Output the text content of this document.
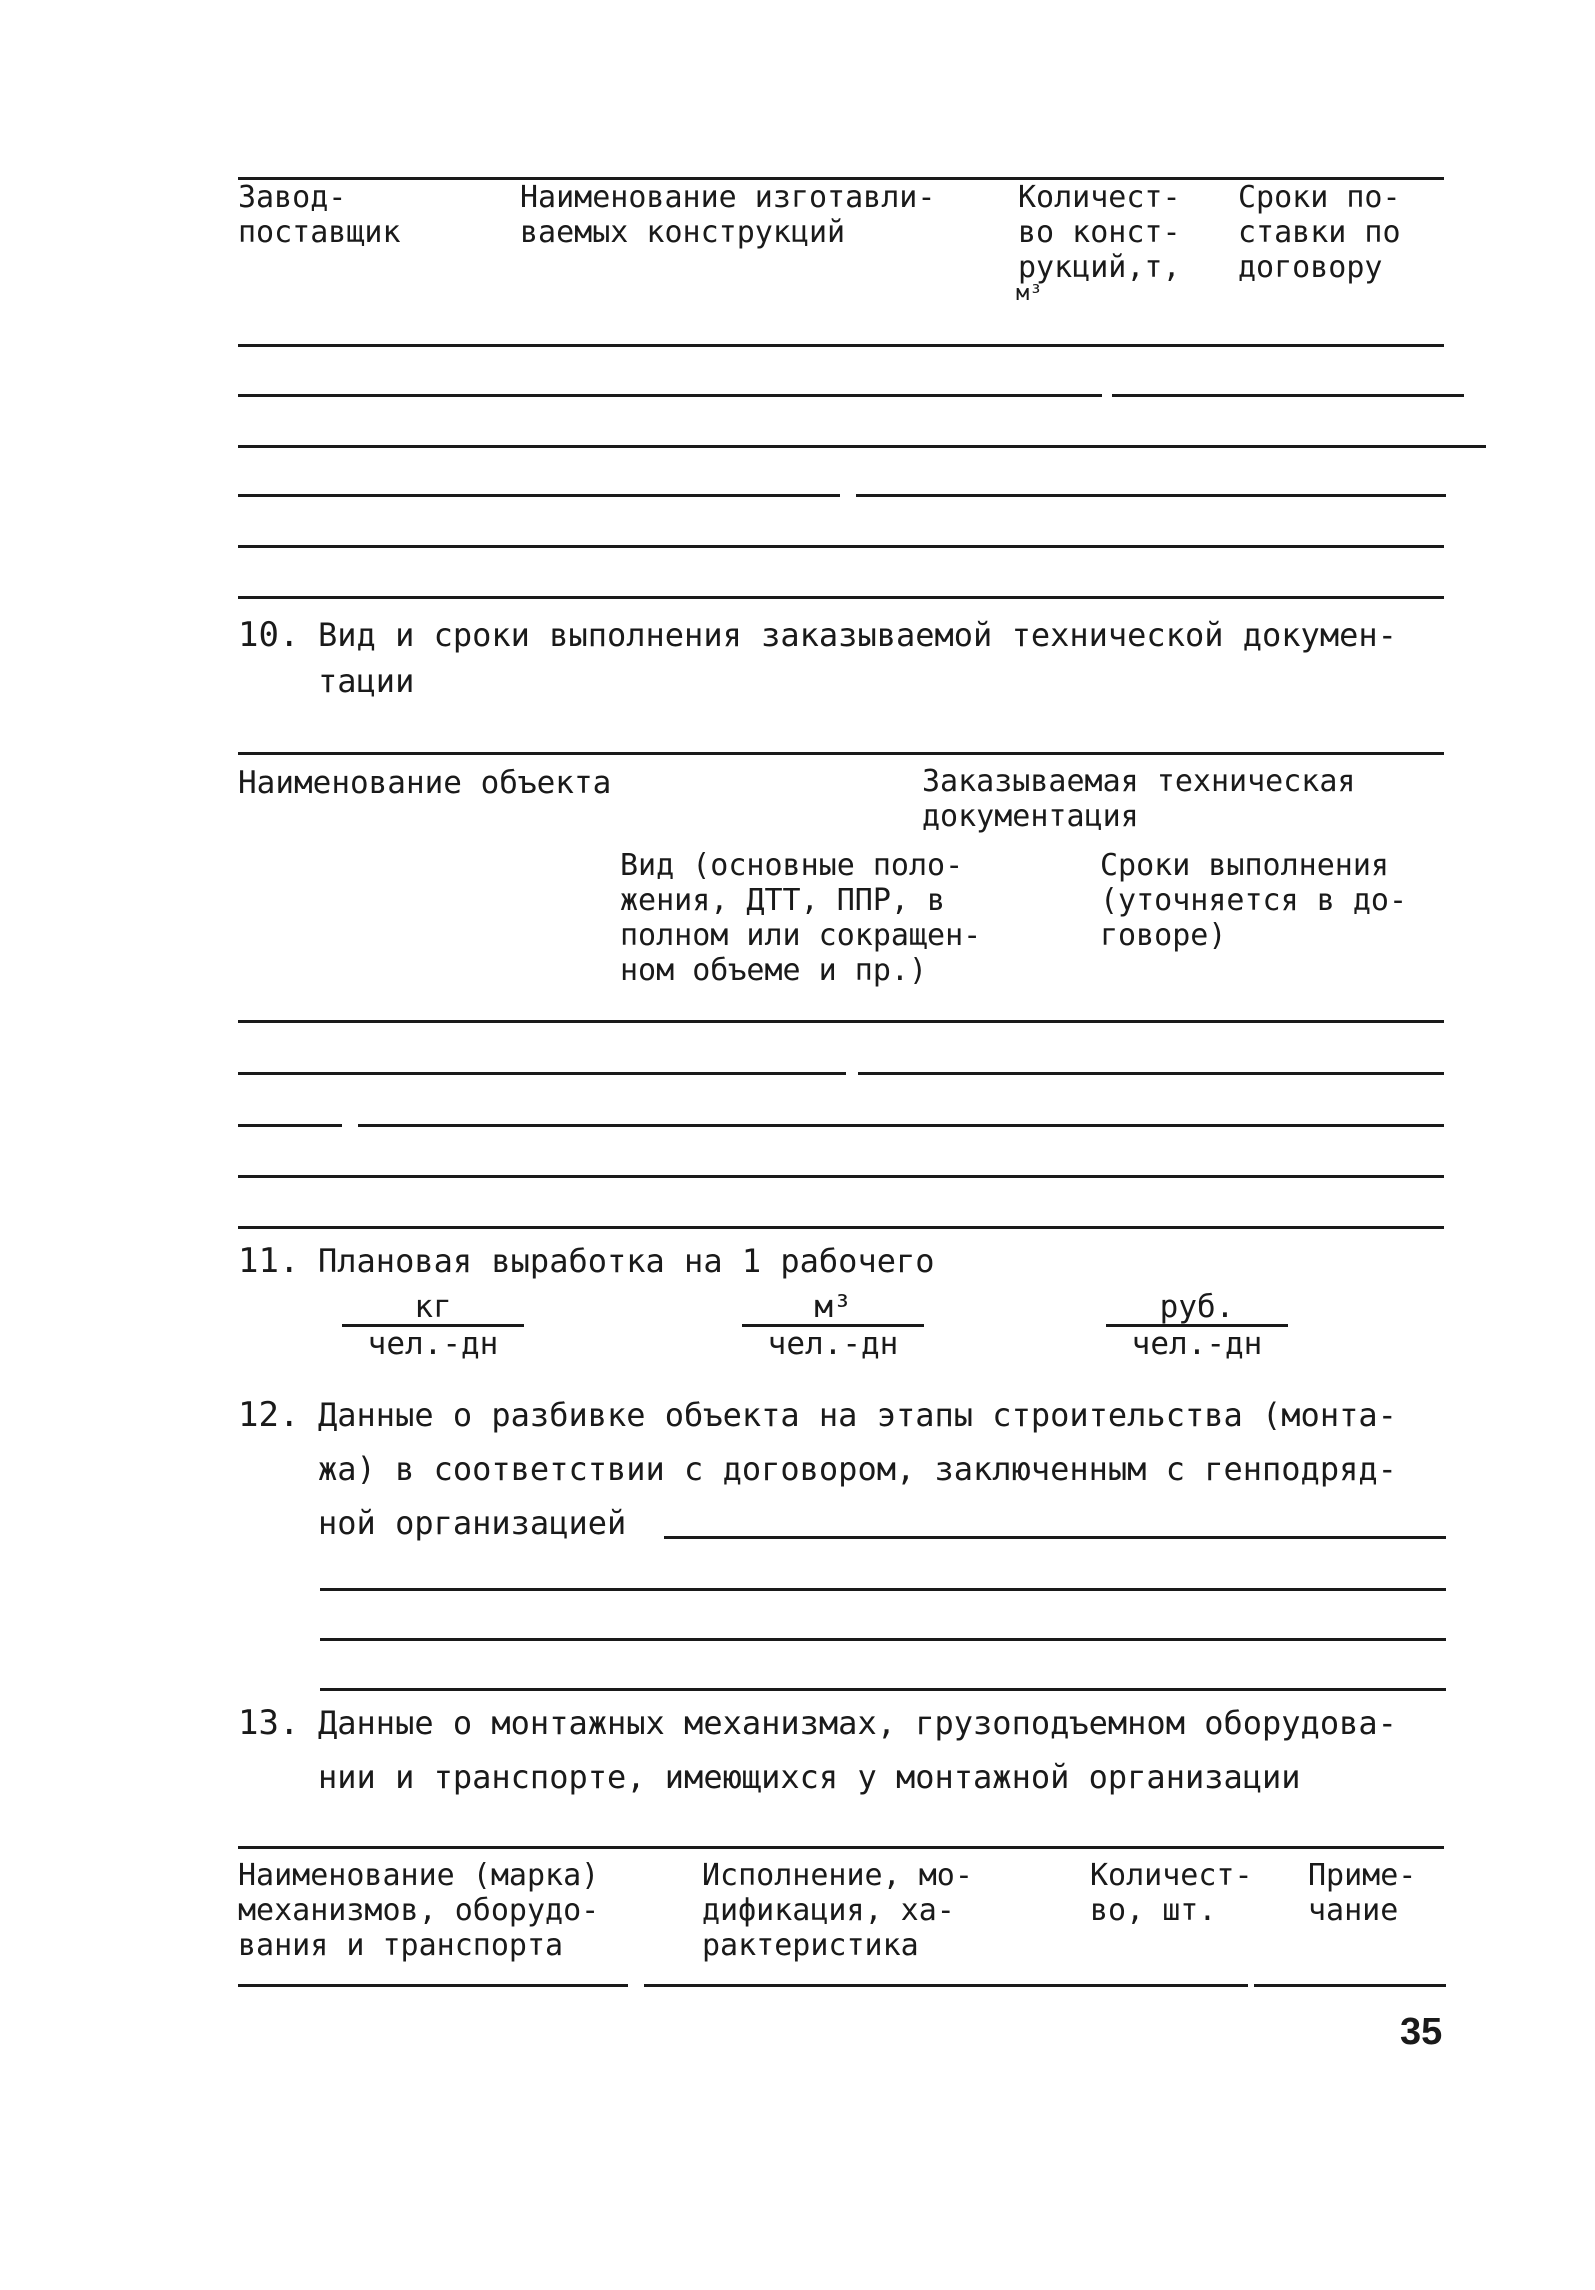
Завод-
поставщик
Наименование изготавли-
ваемых конструкций
Количест-
во конст-
рукций,т,
м³
Сроки по-
ставки по
договору
10. Вид и сроки выполнения заказываемой технической докумен-
тации
Наименование объекта	Заказываемая техническая
документация
Вид (основные поло-
жения, ДТТ, ППР, в
полном или сокращен-
ном объеме и пр.)
Сроки выполнения
(уточняется в до-
говоре)
11. Плановая выработка на 1 рабочего
кг
чел.-дн
м³
чел.-дн
руб.
чел.-дн
12. Данные о разбивке объекта на этапы строительства (монта-
жа) в соответствии с договором, заключенным с генподряд-
ной организацией
13. Данные о монтажных механизмах, грузоподъемном оборудова-
нии и транспорте, имеющихся у монтажной организации
Наименование (марка)
механизмов, оборудо-
вания и транспорта
Исполнение, мо-
дификация, ха-
рактеристика
Количест-
во, шт.
Приме-
чание
35
